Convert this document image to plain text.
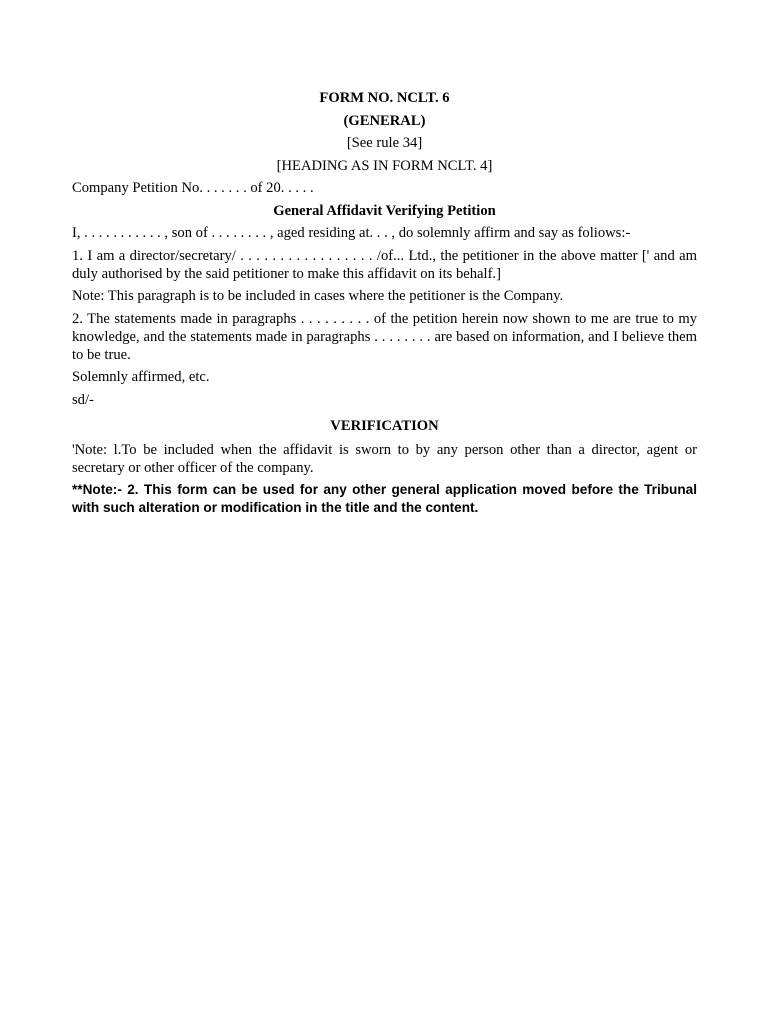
FORM NO. NCLT. 6

(GENERAL)

[See rule 34]

[HEADING AS IN FORM NCLT. 4]

Company Petition No. . . . . . . of 20. . . . .

General Affidavit Verifying Petition

I, . . . . . . . . . . . , son of . . . . . . . . , aged residing at. . . , do solemnly affirm and say as foliows:-

1. I am a director/secretary/ . . . . . . . . . . . . . . . . . /of... Ltd., the petitioner in the above matter [' and am duly authorised by the said petitioner to make this affidavit on its behalf.]

Note: This paragraph is to be included in cases where the petitioner is the Company.

2. The statements made in paragraphs . . . . . . . . . of the petition herein now shown to me are true to my knowledge, and the statements made in paragraphs . . . . . . . . are based on information, and I believe them to be true.

Solemnly affirmed, etc.

sd/-

VERIFICATION

'Note: l.To be included when the affidavit is sworn to by any person other than a director, agent or secretary or other officer of the company.

**Note:- 2. This form can be used for any other general application moved before the Tribunal with such alteration or modification in the title and the content.
